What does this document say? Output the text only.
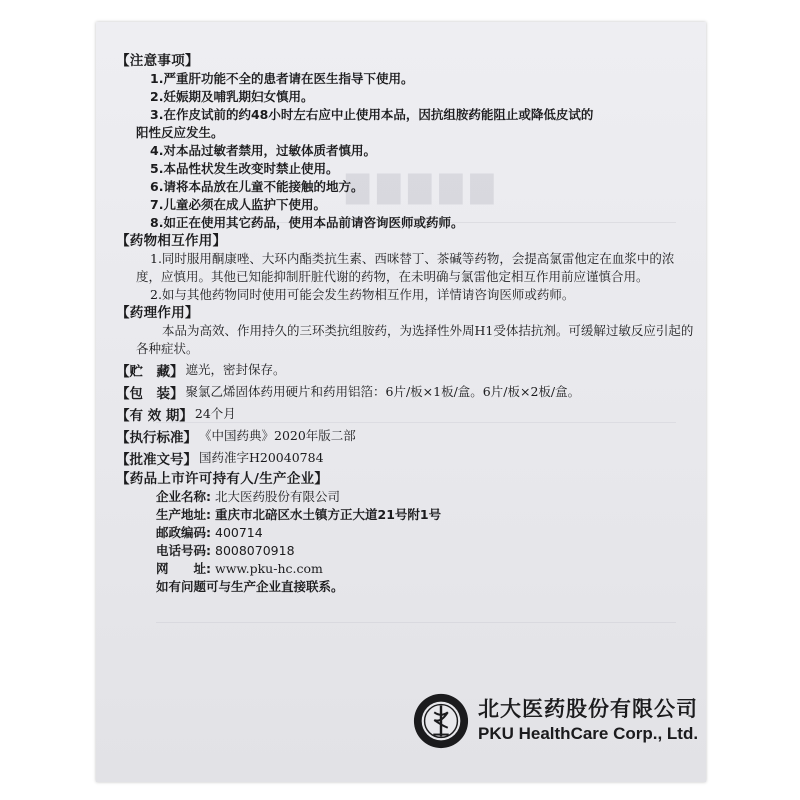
▇▇▇▇▇
【注意事项】
1.严重肝功能不全的患者请在医生指导下使用。
2.妊娠期及哺乳期妇女慎用。
3.在作皮试前的约48小时左右应中止使用本品，因抗组胺药能阻止或降低皮试的
阳性反应发生。
4.对本品过敏者禁用，过敏体质者慎用。
5.本品性状发生改变时禁止使用。
6.请将本品放在儿童不能接触的地方。
7.儿童必须在成人监护下使用。
8.如正在使用其它药品，使用本品前请咨询医师或药师。
【药物相互作用】
1.同时服用酮康唑、大环内酯类抗生素、西咪替丁、茶碱等药物，会提高氯雷他定在血浆中的浓度，应慎用。其他已知能抑制肝脏代谢的药物，在未明确与氯雷他定相互作用前应谨慎合用。
2.如与其他药物同时使用可能会发生药物相互作用，详情请咨询医师或药师。
【药理作用】
本品为高效、作用持久的三环类抗组胺药，为选择性外周H1受体拮抗剂。可缓解过敏反应引起的各种症状。
【贮　藏】 遮光，密封保存。
【包　装】 聚氯乙烯固体药用硬片和药用铝箔：6片/板×1板/盒。6片/板×2板/盒。
【有 效 期】 24个月
【执行标准】 《中国药典》2020年版二部
【批准文号】 国药准字H20040784
【药品上市许可持有人/生产企业】
企业名称: 北大医药股份有限公司
生产地址: 重庆市北碚区水土镇方正大道21号附1号
邮政编码: 400714
电话号码: 8008070918
网　　址: www.pku-hc.com
如有问题可与生产企业直接联系。
北大医药股份有限公司
PKU HealthCare Corp., Ltd.
